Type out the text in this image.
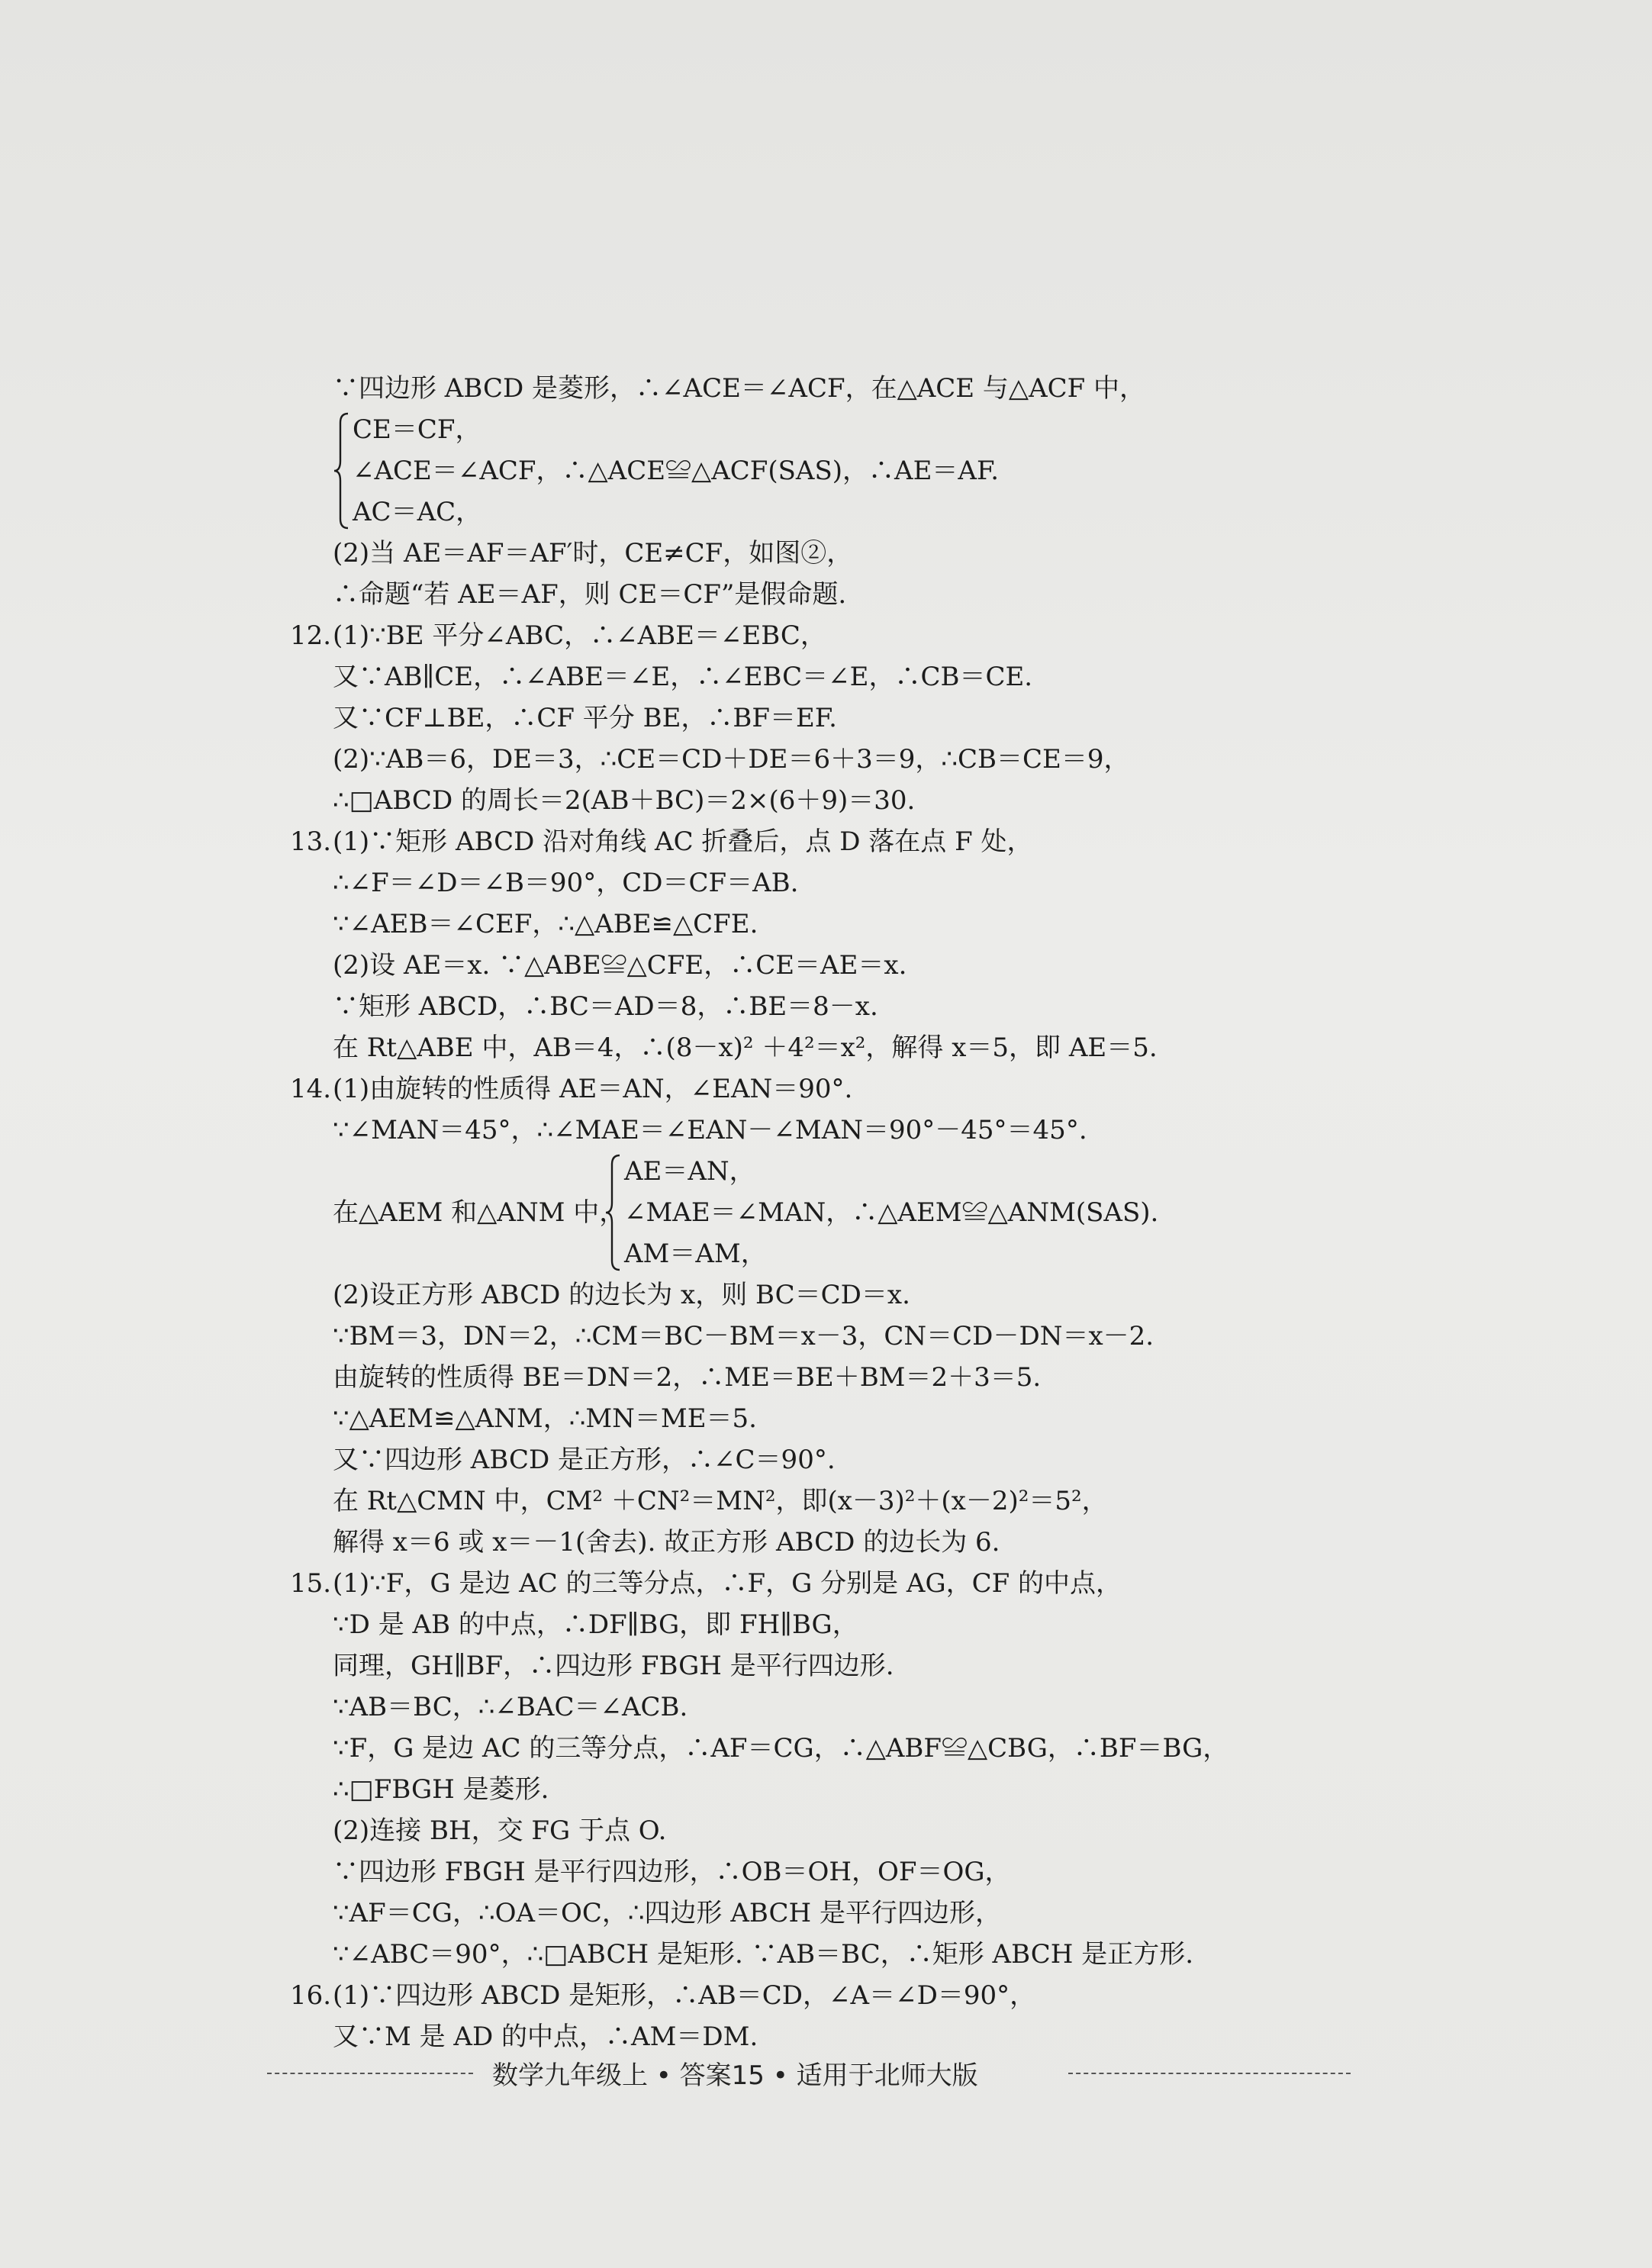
∵四边形 ABCD 是菱形，∴∠ACE＝∠ACF，在△ACE 与△ACF 中，
CE＝CF，
∠ACE＝∠ACF，∴△ACE≌△ACF(SAS)，∴AE＝AF.
AC＝AC，
(2)当 AE＝AF＝AF′时，CE≠CF，如图②，
∴命题“若 AE＝AF，则 CE＝CF”是假命题.
12. (1)∵BE 平分∠ABC，∴∠ABE＝∠EBC，
又∵AB∥CE，∴∠ABE＝∠E，∴∠EBC＝∠E，∴CB＝CE.
又∵CF⊥BE，∴CF 平分 BE，∴BF＝EF.
(2)∵AB＝6，DE＝3，∴CE＝CD＋DE＝6＋3＝9，∴CB＝CE＝9，
∴□ABCD 的周长＝2(AB＋BC)＝2×(6＋9)＝30.
13. (1)∵矩形 ABCD 沿对角线 AC 折叠后，点 D 落在点 F 处，
∴∠F＝∠D＝∠B＝90°，CD＝CF＝AB.
∵∠AEB＝∠CEF，∴△ABE≌△CFE.
(2)设 AE＝x. ∵△ABE≌△CFE，∴CE＝AE＝x.
∵矩形 ABCD，∴BC＝AD＝8，∴BE＝8－x.
在 Rt△ABE 中，AB＝4，∴(8－x)² ＋4²＝x²，解得 x＝5，即 AE＝5.
14. (1)由旋转的性质得 AE＝AN，∠EAN＝90°.
∵∠MAN＝45°，∴∠MAE＝∠EAN－∠MAN＝90°－45°＝45°.
在△AEM 和△ANM 中，
AE＝AN，
∠MAE＝∠MAN，∴△AEM≌△ANM(SAS).
AM＝AM，
(2)设正方形 ABCD 的边长为 x，则 BC＝CD＝x.
∵BM＝3，DN＝2，∴CM＝BC－BM＝x－3，CN＝CD－DN＝x－2.
由旋转的性质得 BE＝DN＝2，∴ME＝BE＋BM＝2＋3＝5.
∵△AEM≌△ANM，∴MN＝ME＝5.
又∵四边形 ABCD 是正方形，∴∠C＝90°.
在 Rt△CMN 中，CM² ＋CN²＝MN²，即(x－3)²＋(x－2)²＝5²，
解得 x＝6 或 x＝－1(舍去). 故正方形 ABCD 的边长为 6.
15. (1)∵F，G 是边 AC 的三等分点，∴F，G 分别是 AG，CF 的中点，
∵D 是 AB 的中点，∴DF∥BG，即 FH∥BG，
同理，GH∥BF，∴四边形 FBGH 是平行四边形.
∵AB＝BC，∴∠BAC＝∠ACB.
∵F，G 是边 AC 的三等分点，∴AF＝CG，∴△ABF≌△CBG，∴BF＝BG，
∴□FBGH 是菱形.
(2)连接 BH，交 FG 于点 O.
∵四边形 FBGH 是平行四边形，∴OB＝OH，OF＝OG，
∵AF＝CG，∴OA＝OC，∴四边形 ABCH 是平行四边形，
∵∠ABC＝90°，∴□ABCH 是矩形. ∵AB＝BC，∴矩形 ABCH 是正方形.
16. (1)∵四边形 ABCD 是矩形，∴AB＝CD，∠A＝∠D＝90°，
又∵M 是 AD 的中点，∴AM＝DM.
数学九年级上 • 答案15 • 适用于北师大版
